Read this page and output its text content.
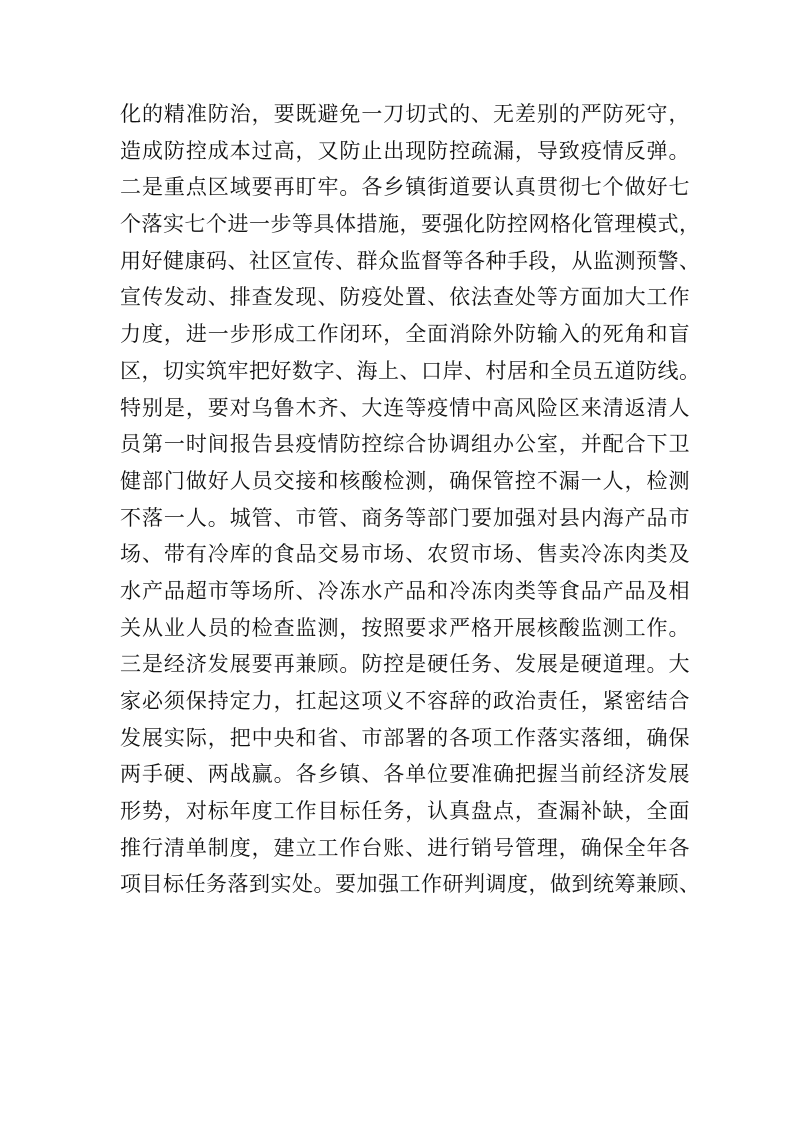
化的精准防治，要既避免一刀切式的、无差别的严防死守，
造成防控成本过高，又防止出现防控疏漏，导致疫情反弹。
二是重点区域要再盯牢。各乡镇街道要认真贯彻七个做好七
个落实七个进一步等具体措施，要强化防控网格化管理模式，
用好健康码、社区宣传、群众监督等各种手段，从监测预警、
宣传发动、排查发现、防疫处置、依法查处等方面加大工作
力度，进一步形成工作闭环，全面消除外防输入的死角和盲
区，切实筑牢把好数字、海上、口岸、村居和全员五道防线。
特别是，要对乌鲁木齐、大连等疫情中高风险区来清返清人
员第一时间报告县疫情防控综合协调组办公室，并配合下卫
健部门做好人员交接和核酸检测，确保管控不漏一人，检测
不落一人。城管、市管、商务等部门要加强对县内海产品市
场、带有冷库的食品交易市场、农贸市场、售卖冷冻肉类及
水产品超市等场所、冷冻水产品和冷冻肉类等食品产品及相
关从业人员的检查监测，按照要求严格开展核酸监测工作。
三是经济发展要再兼顾。防控是硬任务、发展是硬道理。大
家必须保持定力，扛起这项义不容辞的政治责任，紧密结合
发展实际，把中央和省、市部署的各项工作落实落细，确保
两手硬、两战赢。各乡镇、各单位要准确把握当前经济发展
形势，对标年度工作目标任务，认真盘点，查漏补缺，全面
推行清单制度，建立工作台账、进行销号管理，确保全年各
项目标任务落到实处。要加强工作研判调度，做到统筹兼顾、
